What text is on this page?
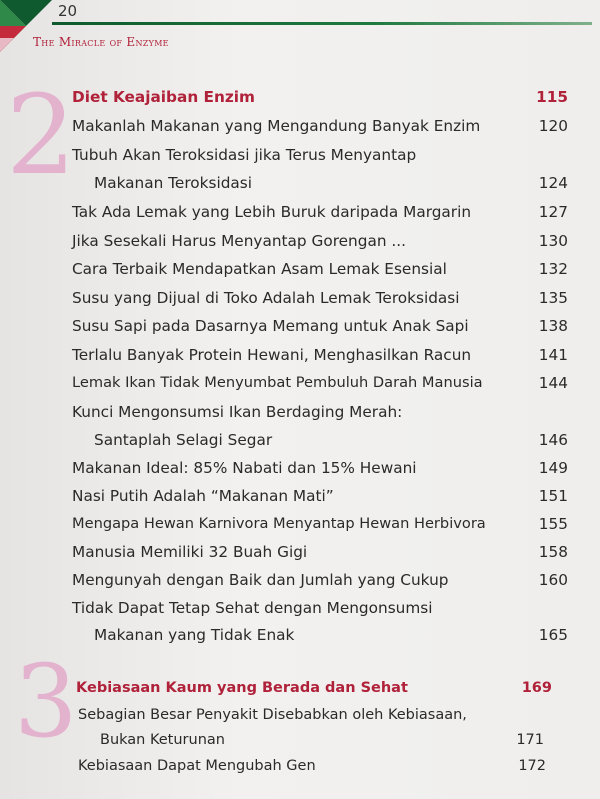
20
The Miracle of Enzyme
2
3
Diet Keajaiban Enzim	115
Makanlah Makanan yang Mengandung Banyak Enzim	120
Tubuh Akan Teroksidasi jika Terus Menyantap
Makanan Teroksidasi	124
Tak Ada Lemak yang Lebih Buruk daripada Margarin	127
Jika Sesekali Harus Menyantap Gorengan ...	130
Cara Terbaik Mendapatkan Asam Lemak Esensial	132
Susu yang Dijual di Toko Adalah Lemak Teroksidasi	135
Susu Sapi pada Dasarnya Memang untuk Anak Sapi	138
Terlalu Banyak Protein Hewani, Menghasilkan Racun	141
Lemak Ikan Tidak Menyumbat Pembuluh Darah Manusia	144
Kunci Mengonsumsi Ikan Berdaging Merah:
Santaplah Selagi Segar	146
Makanan Ideal: 85% Nabati dan 15% Hewani	149
Nasi Putih Adalah “Makanan Mati”	151
Mengapa Hewan Karnivora Menyantap Hewan Herbivora	155
Manusia Memiliki 32 Buah Gigi	158
Mengunyah dengan Baik dan Jumlah yang Cukup	160
Tidak Dapat Tetap Sehat dengan Mengonsumsi
Makanan yang Tidak Enak	165
Kebiasaan Kaum yang Berada dan Sehat	169
Sebagian Besar Penyakit Disebabkan oleh Kebiasaan,
Bukan Keturunan	171
Kebiasaan Dapat Mengubah Gen	172
